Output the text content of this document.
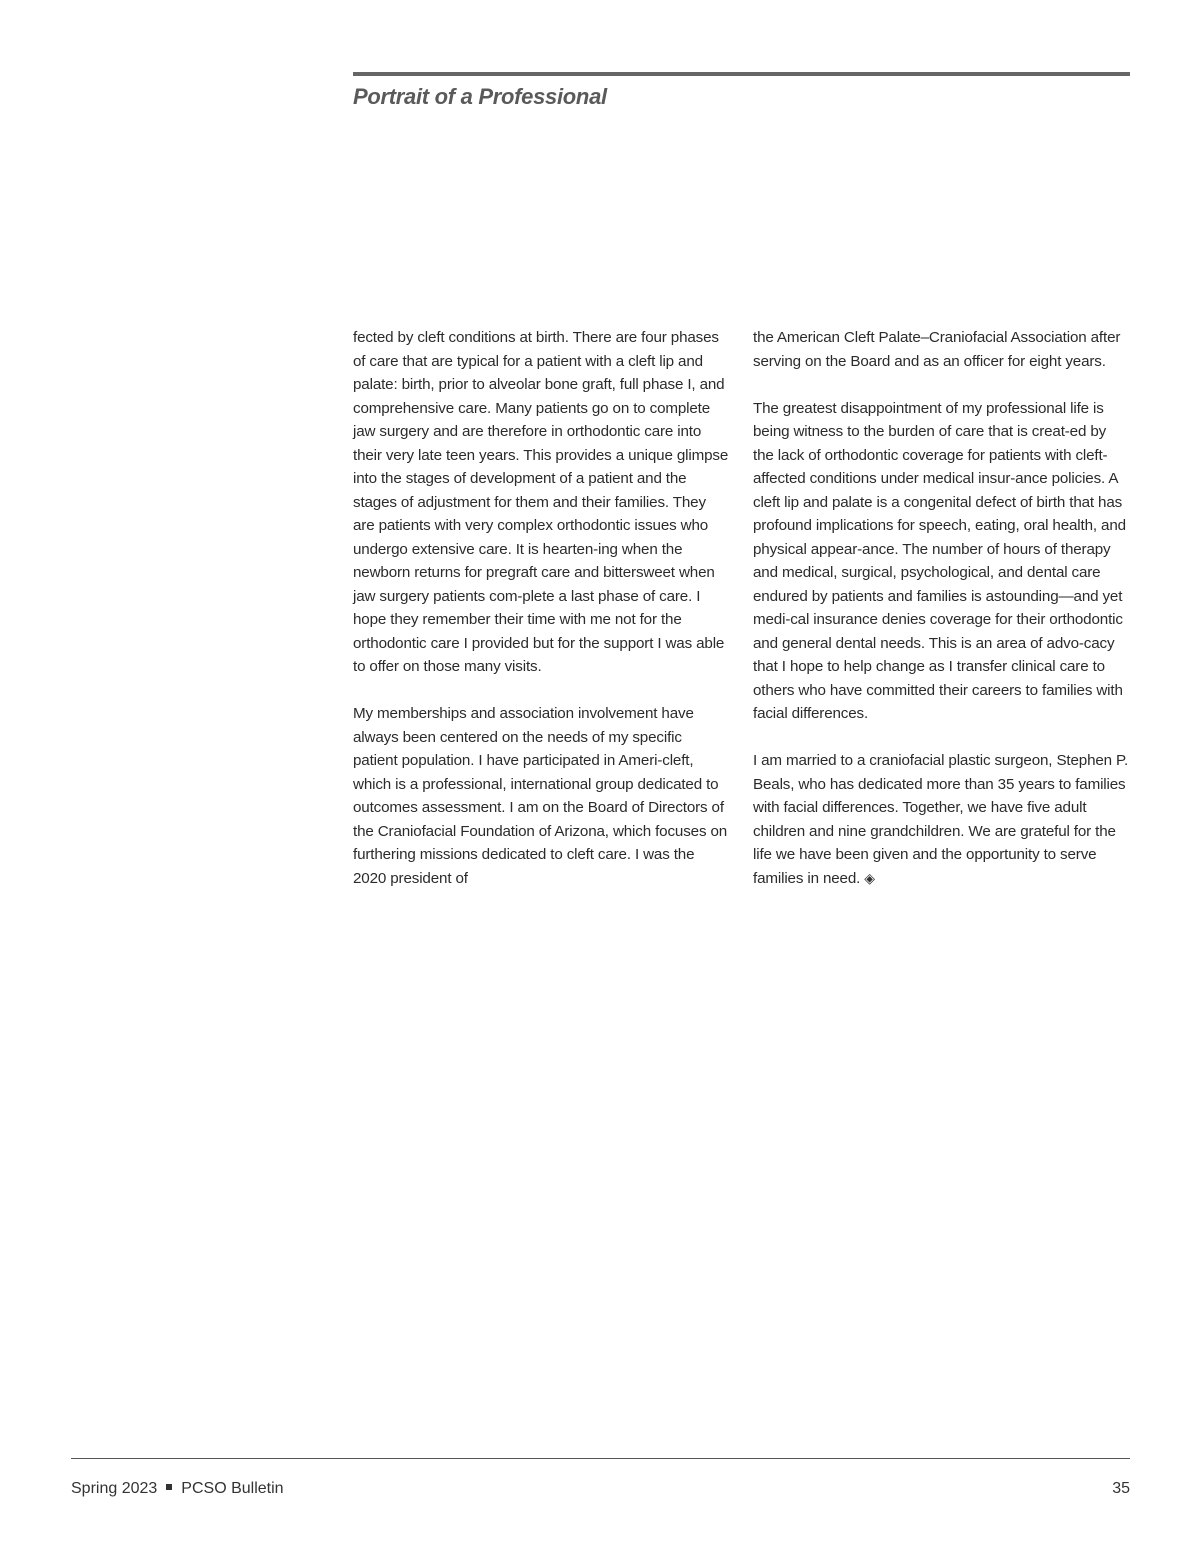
Portrait of a Professional

fected by cleft conditions at birth. There are four phases of care that are typical for a patient with a cleft lip and palate: birth, prior to alveolar bone graft, full phase I, and comprehensive care. Many patients go on to complete jaw surgery and are therefore in orthodontic care into their very late teen years. This provides a unique glimpse into the stages of development of a patient and the stages of adjustment for them and their families. They are patients with very complex orthodontic issues who undergo extensive care. It is hearten-ing when the newborn returns for pregraft care and bittersweet when jaw surgery patients com-plete a last phase of care. I hope they remember their time with me not for the orthodontic care I provided but for the support I was able to offer on those many visits.

My memberships and association involvement have always been centered on the needs of my specific patient population. I have participated in Ameri-cleft, which is a professional, international group dedicated to outcomes assessment. I am on the Board of Directors of the Craniofacial Foundation of Arizona, which focuses on furthering missions dedicated to cleft care. I was the 2020 president of

the American Cleft Palate–Craniofacial Association after serving on the Board and as an officer for eight years.

The greatest disappointment of my professional life is being witness to the burden of care that is creat-ed by the lack of orthodontic coverage for patients with cleft-affected conditions under medical insur-ance policies. A cleft lip and palate is a congenital defect of birth that has profound implications for speech, eating, oral health, and physical appear-ance. The number of hours of therapy and medical, surgical, psychological, and dental care endured by patients and families is astounding—and yet medi-cal insurance denies coverage for their orthodontic and general dental needs. This is an area of advo-cacy that I hope to help change as I transfer clinical care to others who have committed their careers to families with facial differences.

I am married to a craniofacial plastic surgeon, Stephen P. Beals, who has dedicated more than 35 years to families with facial differences. Together, we have five adult children and nine grandchildren. We are grateful for the life we have been given and the opportunity to serve families in need. ◈

Spring 2023 PCSO Bulletin	35
